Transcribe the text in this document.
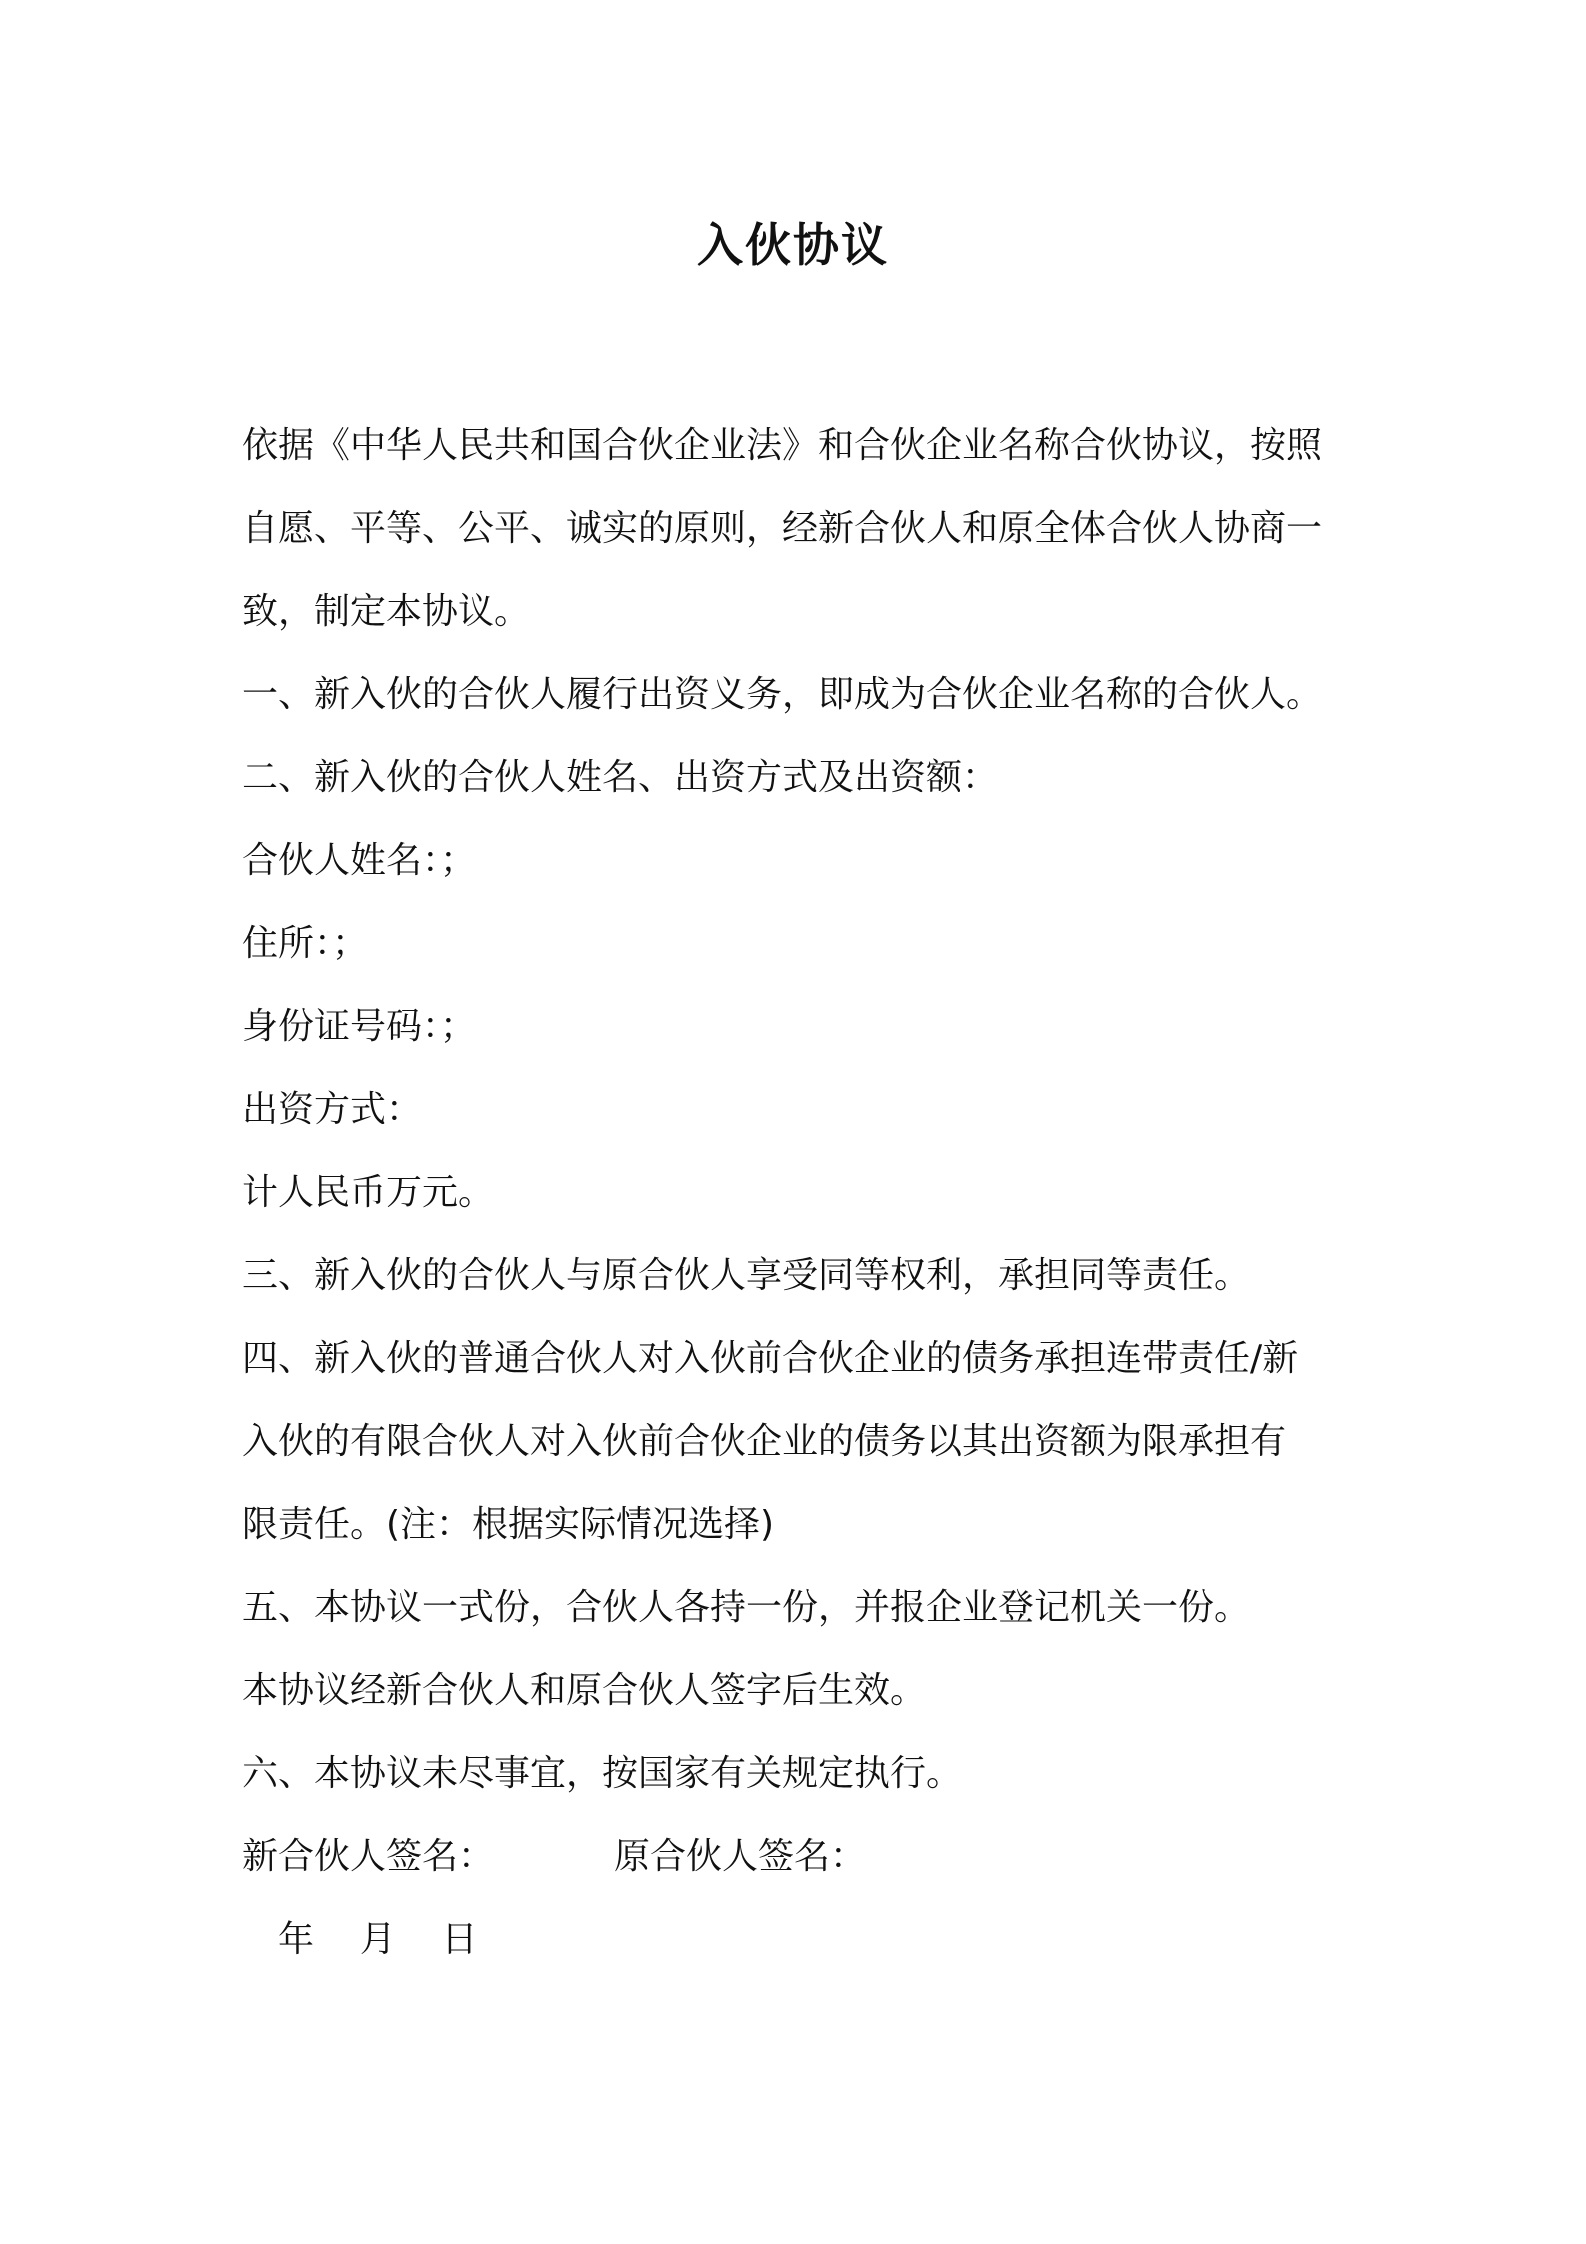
入伙协议

依据《中华人民共和国合伙企业法》和合伙企业名称合伙协议，按照

自愿、平等、公平、诚实的原则，经新合伙人和原全体合伙人协商一

致，制定本协议。

一、新入伙的合伙人履行出资义务，即成为合伙企业名称的合伙人。

二、新入伙的合伙人姓名、出资方式及出资额：

合伙人姓名：；

住所：；

身份证号码：；

出资方式：

计人民币万元。

三、新入伙的合伙人与原合伙人享受同等权利，承担同等责任。

四、新入伙的普通合伙人对入伙前合伙企业的债务承担连带责任/新

入伙的有限合伙人对入伙前合伙企业的债务以其出资额为限承担有

限责任。(注：根据实际情况选择)

五、本协议一式份，合伙人各持一份，并报企业登记机关一份。

本协议经新合伙人和原合伙人签字后生效。

六、本协议未尽事宜，按国家有关规定执行。

新合伙人签名：	原合伙人签名：
年    月    日
